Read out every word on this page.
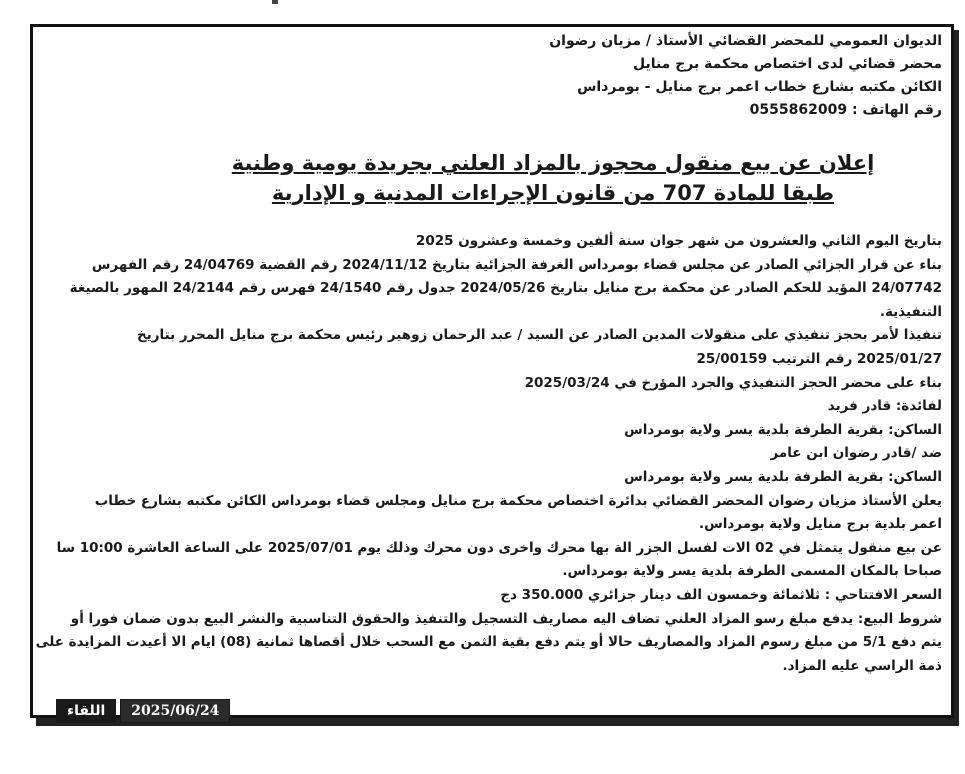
الديوان العمومي للمحضر القضائي الأستاذ / مزيان رضوان
محضر قضائي لدى اختصاص محكمة برج منايل
الكائن مكتبه بشارع خطاب اعمر برج منايل - بومرداس
رقم الهاتف : 0555862009
إعلان عن بيع منقول محجوز بالمزاد العلني بجريدة يومية وطنية
طبقا للمادة 707 من قانون الإجراءات المدنية و الإدارية
بتاريخ اليوم الثاني والعشرون من شهر جوان سنة ألفين وخمسة وعشرون 2025
بناء عن قرار الجزائي الصادر عن مجلس قضاء بومرداس الغرفة الجزائية بتاريخ 2024/11/12 رقم القضية 24/04769 رقم الفهرس
24/07742 المؤيد للحكم الصادر عن محكمة برج منايل بتاريخ 2024/05/26 جدول رقم 24/1540 فهرس رقم 24/2144 المهور بالصيغة
التنفيذية.
تنفيذا لأمر بحجز تنفيذي على منقولات المدين الصادر عن السيد / عبد الرحمان زوهير رئيس محكمة برج منايل المحرر بتاريخ
2025/01/27 رقم الترتيب 25/00159
بناء على محضر الحجز التنفيذي والجرد المؤرخ في 2025/03/24
لفائدة: قادر فريد
الساكن: بقرية الطرفة بلدية يسر ولاية بومرداس
ضد /قادر رضوان ابن عامر
الساكن: بقرية الطرفة بلدية يسر ولاية بومرداس
يعلن الأستاذ مزيان رضوان المحضر القضائي بدائرة اختصاص محكمة برج منايل ومجلس قضاء بومرداس الكائن مكتبه بشارع خطاب
اعمر بلدية برج منايل ولاية بومرداس.
عن بيع منقول يتمثل في 02 الات لفسل الجزر الة بها محرك واخرى دون محرك وذلك يوم 2025/07/01 على الساعة العاشرة 10:00 سا
صباحا بالمكان المسمى الطرفة بلدية يسر ولاية بومرداس.
السعر الافتتاحي : ثلاثمائة وخمسون الف دينار جزائري 350.000 دج
شروط البيع: يدفع مبلغ رسو المزاد العلني تضاف اليه مصاريف التسجيل والتنفيذ والحقوق التناسبية والنشر البيع بدون ضمان فورا أو
يتم دفع 5/1 من مبلغ رسوم المزاد والمصاريف حالا أو يتم دفع بقية الثمن مع السحب خلال أقصاها ثمانية (08) ايام الا أعيدت المزايدة على
ذمة الراسي عليه المزاد.
اللقاء	2025/06/24
